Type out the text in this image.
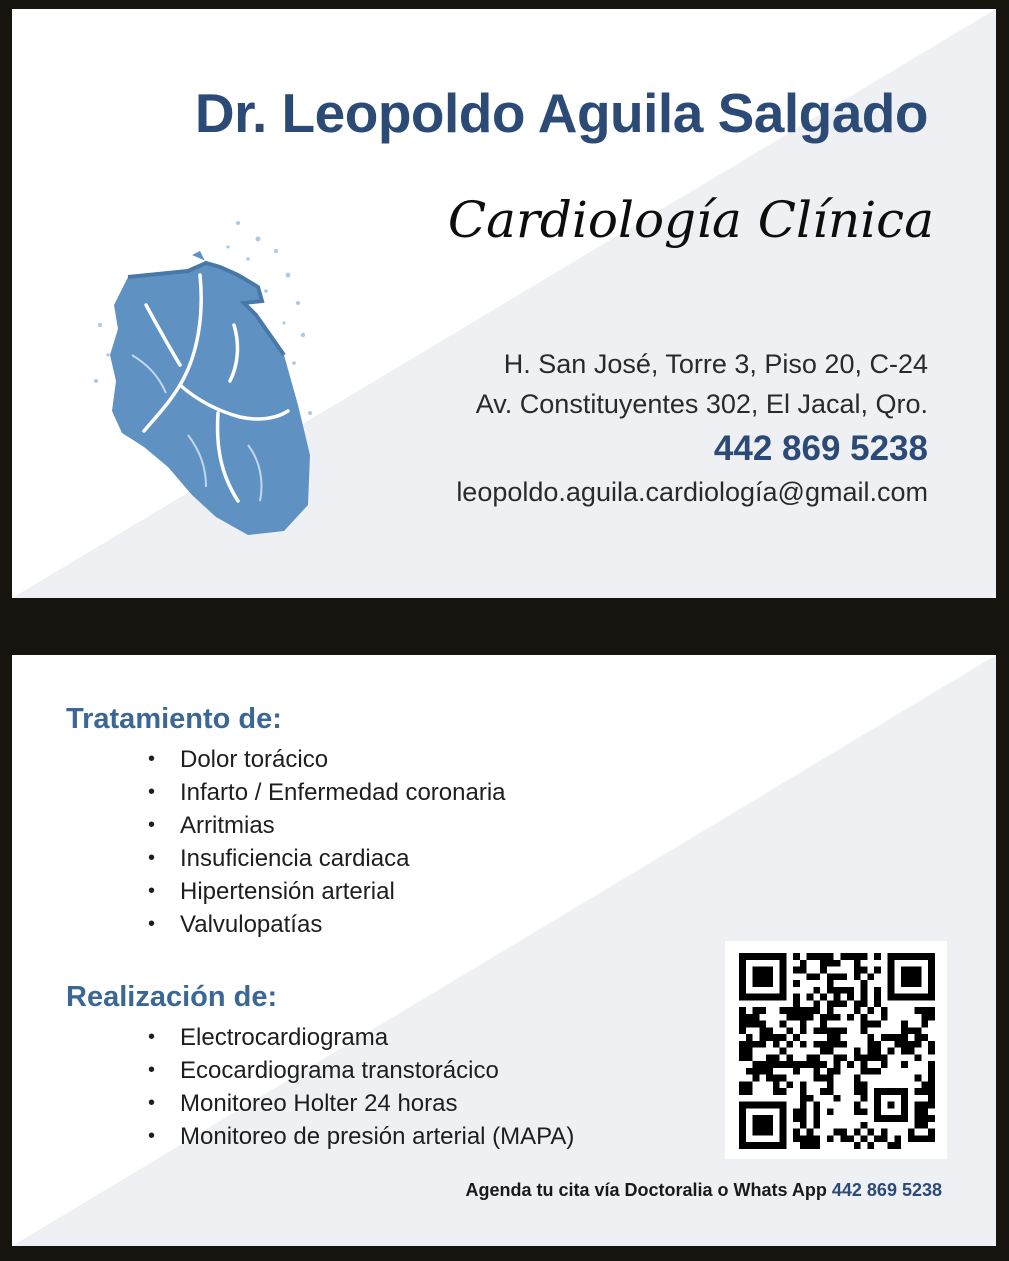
Dr. Leopoldo Aguila Salgado
Cardiología Clínica
H. San José, Torre 3, Piso 20, C-24
Av. Constituyentes 302, El Jacal, Qro.
442 869 5238
leopoldo.aguila.cardiología@gmail.com
Tratamiento de:
• Dolor torácico
• Infarto / Enfermedad coronaria
• Arritmias
• Insuficiencia cardiaca
• Hipertensión arterial
• Valvulopatías
Realización de:
• Electrocardiograma
• Ecocardiograma transtorácico
• Monitoreo Holter 24 horas
• Monitoreo de presión arterial (MAPA)
Agenda tu cita vía Doctoralia o Whats App 442 869 5238
